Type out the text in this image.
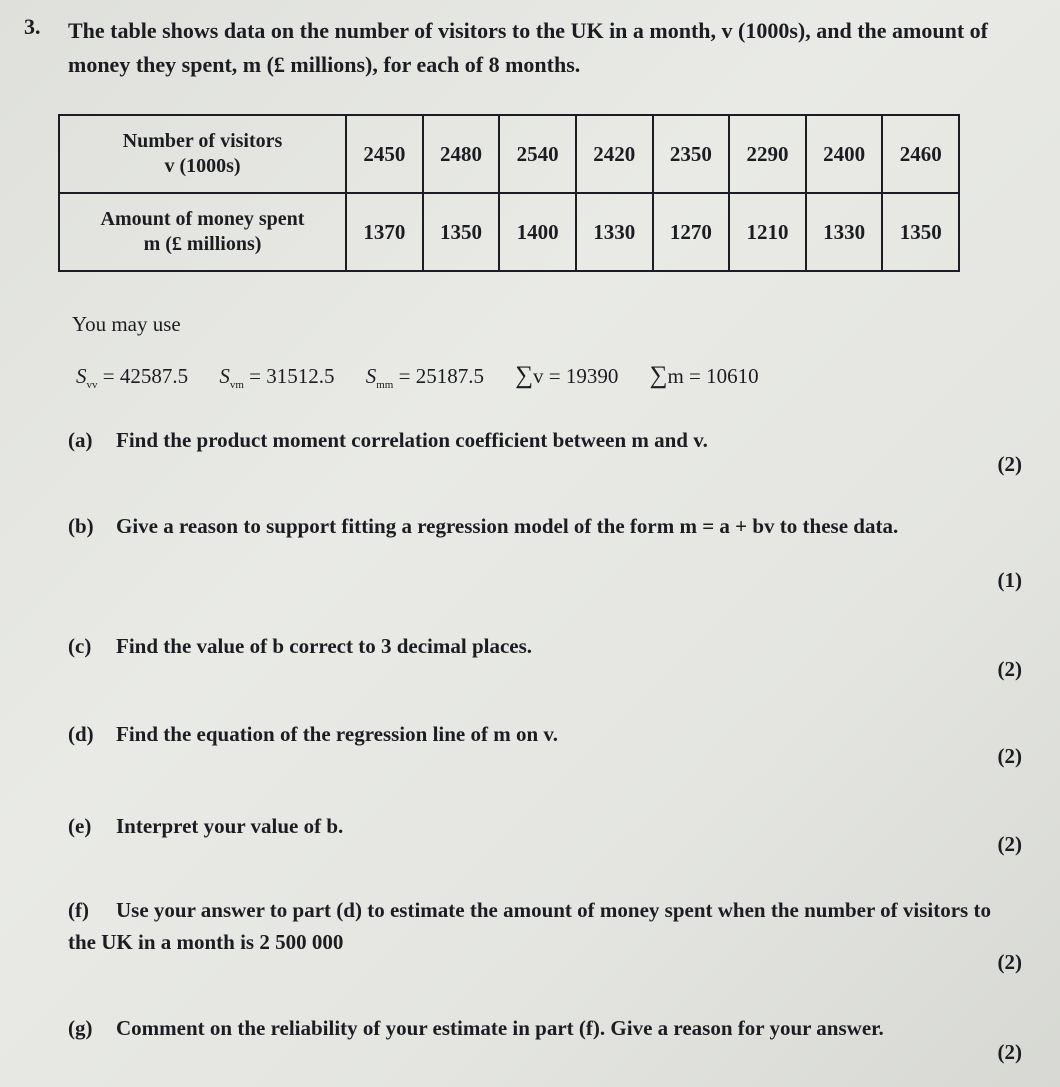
3. The table shows data on the number of visitors to the UK in a month, v (1000s), and the amount of money they spent, m (£ millions), for each of 8 months.
Number of visitors
v (1000s)	2450	2480	2540	2420	2350	2290	2400	2460

Amount of money spent
m (£ millions)	1370	1350	1400	1330	1270	1210	1330	1350
You may use
$S_{vv} = 42587.5$ $S_{vm} = 31512.5$ $S_{mm} = 25187.5$ ∑v = 19390 ∑m = 10610
(a) Find the product moment correlation coefficient between m and v.
(2)
(b) Give a reason to support fitting a regression model of the form m = a + bv to these data.
(1)
(c) Find the value of b correct to 3 decimal places.
(2)
(d) Find the equation of the regression line of m on v.
(2)
(e) Interpret your value of b.
(2)
(f) Use your answer to part (d) to estimate the amount of money spent when the number of visitors to the UK in a month is 2 500 000
(2)
(g) Comment on the reliability of your estimate in part (f). Give a reason for your answer.
(2)
